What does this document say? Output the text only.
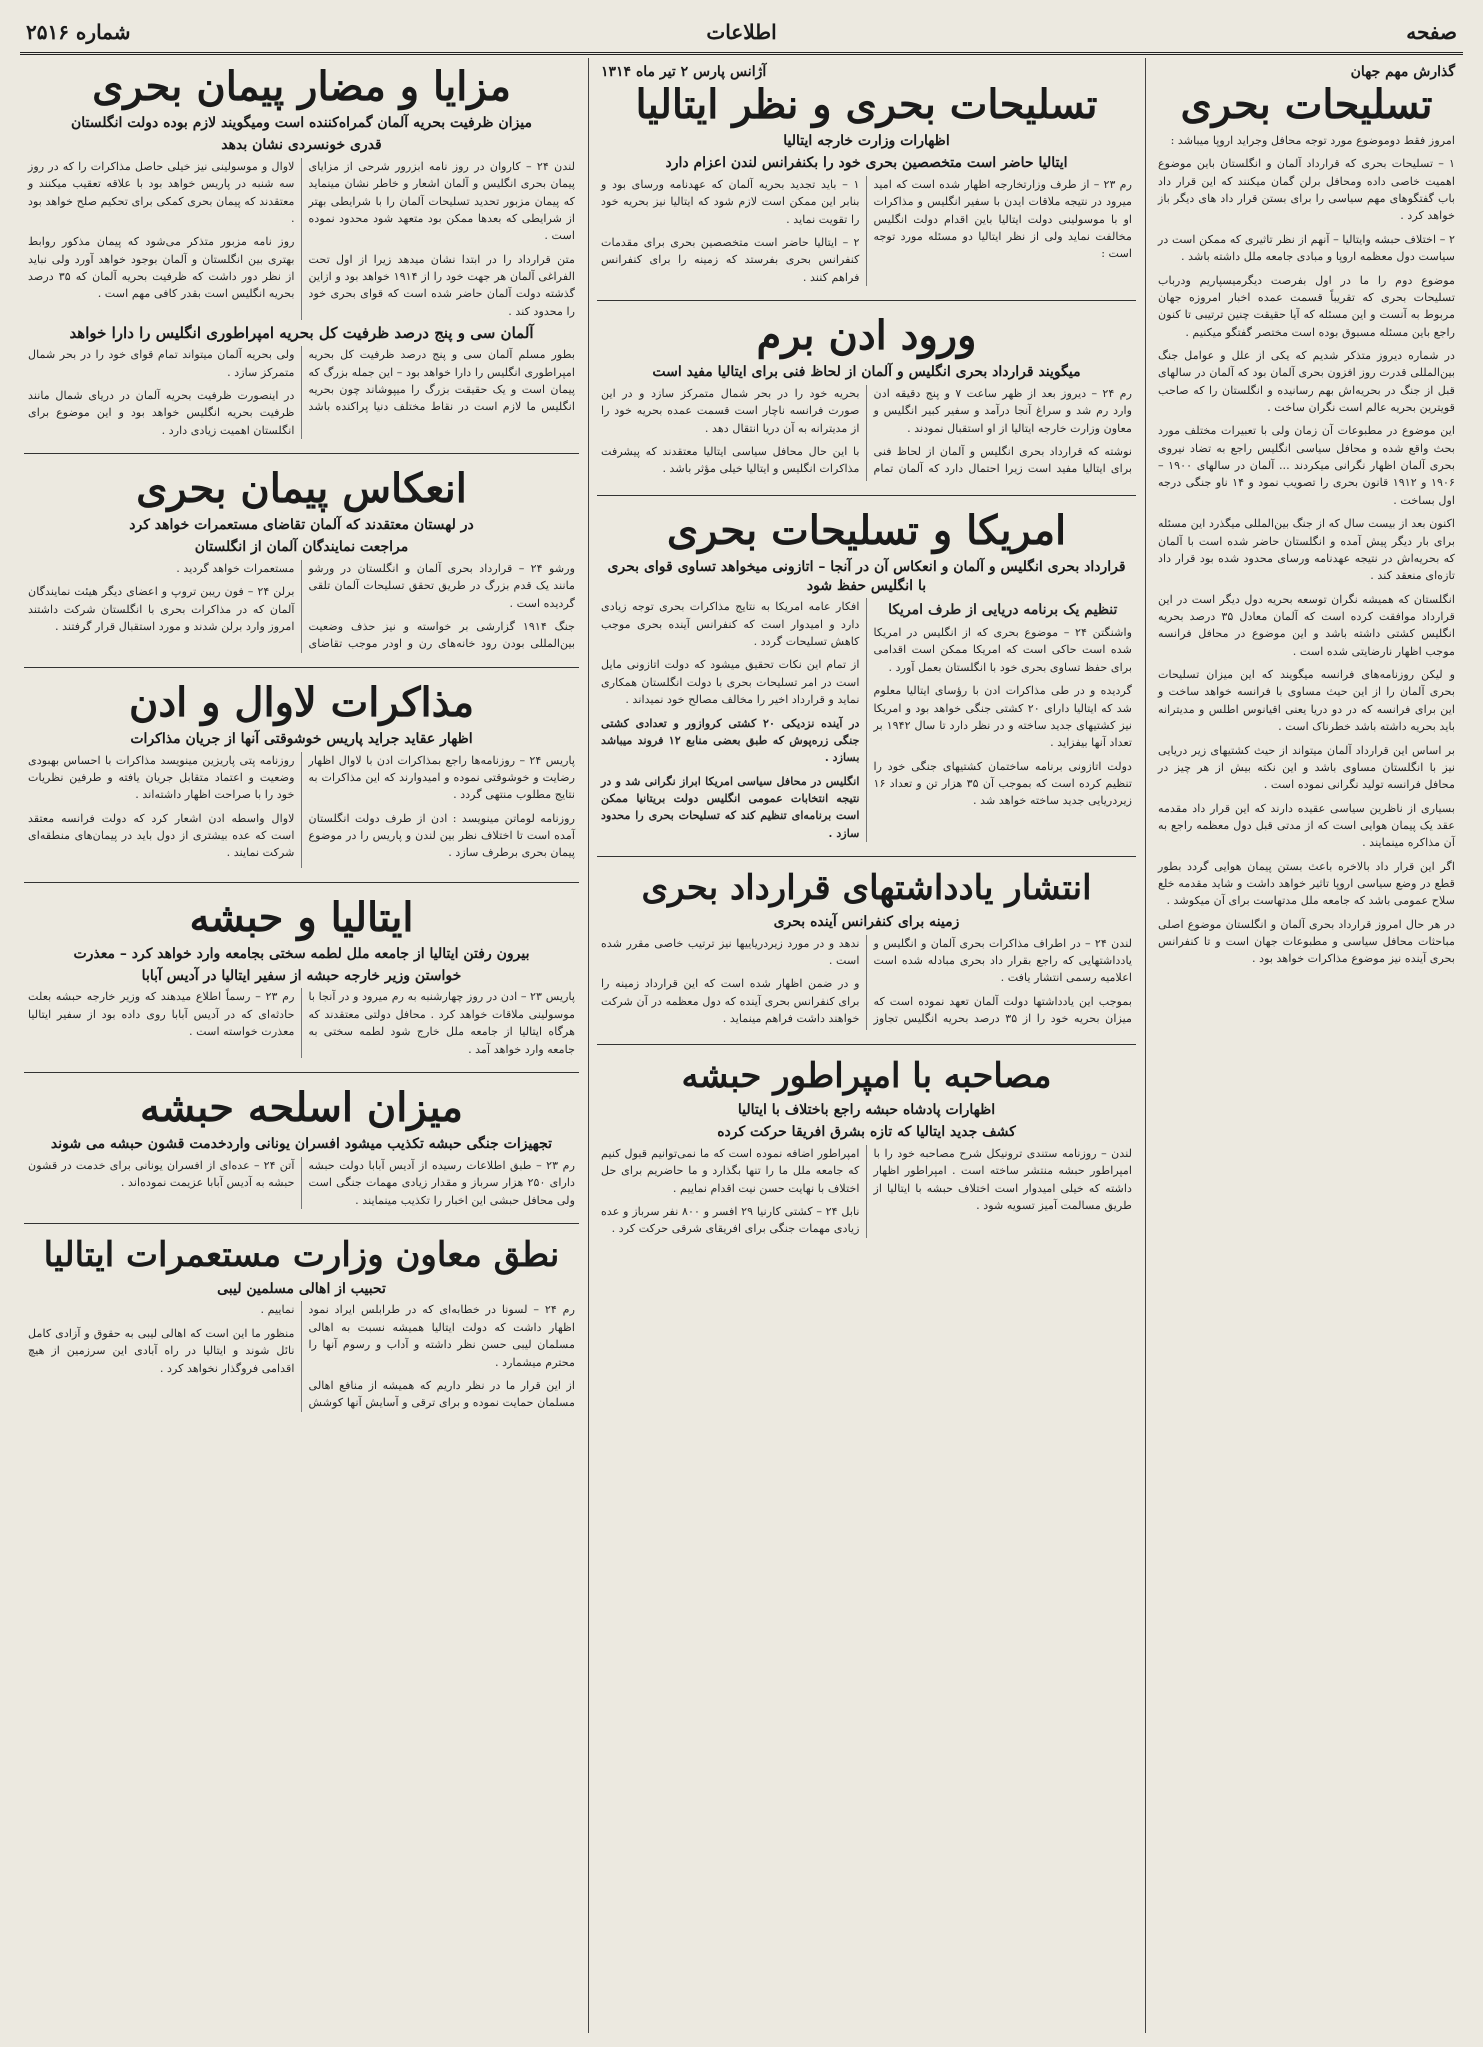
صفحه
اطلاعات
شماره ۲۵۱۶
گذارش مهم جهان
تسلیحات بحری

امروز فقط دوموضوع مورد توجه محافل وجراید اروپا میباشد :

۱ – تسلیحات بحری که قرارداد آلمان و انگلستان باین موضوع اهمیت خاصی داده ومحافل برلن گمان میکنند که این قرار داد باب گفتگوهای مهم سیاسی را برای بستن قرار داد های دیگر باز خواهد کرد .

۲ – اختلاف حبشه وایتالیا – آنهم از نظر تاثیری که ممکن است در سیاست دول معظمه اروپا و مبادی جامعه ملل داشته باشد .

موضوع دوم را ما در اول بفرصت دیگرمیسپاریم ودرباب تسلیحات بحری که تقریباً قسمت عمده اخبار امروزه جهان مربوط به آنست و این مسئله که آیا حقیقت چنین ترتیبی تا کنون راجع باین مسئله مسبوق بوده است مختصر گفتگو میکنیم .

در شماره دیروز متذکر شدیم که یکی از علل و عوامل جنگ بین‌المللی قدرت روز افزون بحری آلمان بود که آلمان در سالهای قبل از جنگ در بحریه‌اش بهم رسانیده و انگلستان را که صاحب قویترین بحریه عالم است نگران ساخت .

این موضوع در مطبوعات آن زمان ولی با تعبیرات مختلف مورد بحث واقع شده و محافل سیاسی انگلیس راجع به تضاد نیروی بحری آلمان اظهار نگرانی میکردند ... آلمان در سالهای ۱۹۰۰ – ۱۹۰۶ و ۱۹۱۲ قانون بحری را تصویب نمود و ۱۴ ناو جنگی درجه اول بساخت .

اکنون بعد از بیست سال که از جنگ بین‌المللی میگذرد این مسئله برای بار دیگر پیش آمده و انگلستان حاضر شده است با آلمان که بحریه‌اش در نتیجه عهدنامه ورسای محدود شده بود قرار داد تازه‌ای منعقد کند .

انگلستان که همیشه نگران توسعه بحریه دول دیگر است در این قرارداد موافقت کرده است که آلمان معادل ۳۵ درصد بحریه انگلیس کشتی داشته باشد و این موضوع در محافل فرانسه موجب اظهار نارضایتی شده است .

و لیکن روزنامه‌های فرانسه میگویند که این میزان تسلیحات بحری آلمان را از این حیث مساوی با فرانسه خواهد ساخت و این برای فرانسه که در دو دریا یعنی اقیانوس اطلس و مدیترانه باید بحریه داشته باشد خطرناک است .

بر اساس این قرارداد آلمان میتواند از حیث کشتیهای زیر دریایی نیز با انگلستان مساوی باشد و این نکته بیش از هر چیز در محافل فرانسه تولید نگرانی نموده است .

بسیاری از ناظرین سیاسی عقیده دارند که این قرار داد مقدمه عقد یک پیمان هوایی است که از مدتی قبل دول معظمه راجع به آن مذاکره مینمایند .

اگر این قرار داد بالاخره باعث بستن پیمان هوایی گردد بطور قطع در وضع سیاسی اروپا تاثیر خواهد داشت و شاید مقدمه خلع سلاح عمومی باشد که جامعه ملل مدتهاست برای آن میکوشد .

در هر حال امروز قرارداد بحری آلمان و انگلستان موضوع اصلی مباحثات محافل سیاسی و مطبوعات جهان است و تا کنفرانس بحری آینده نیز موضوع مذاکرات خواهد بود .

آژانس پارس ۲ تیر ماه ۱۳۱۴
تسلیحات بحری و نظر ایتالیا
اظهارات وزارت خارجه ایتالیا
ایتالیا حاضر است متخصصین بحری خود را بکنفرانس لندن اعزام دارد

رم ۲۳ – از طرف وزارتخارجه اظهار شده است که امید میرود در نتیجه ملاقات ایدن با سفیر انگلیس و مذاکرات او با موسولینی دولت ایتالیا باین اقدام دولت انگلیس مخالفت نماید ولی از نظر ایتالیا دو مسئله مورد توجه است :

۱ – باید تجدید بحریه آلمان که عهدنامه ورسای بود و بنابر این ممکن است لازم شود که ایتالیا نیز بحریه خود را تقویت نماید .

۲ – ایتالیا حاضر است متخصصین بحری برای مقدمات کنفرانس بحری بفرستد که زمینه را برای کنفرانس فراهم کنند .

ورود ادن برم
میگویند قرارداد بحری انگلیس و آلمان از لحاظ فنی برای ایتالیا مفید است

رم ۲۴ – دیروز بعد از ظهر ساعت ۷ و پنج دقیقه ادن وارد رم شد و سراغ آنجا درآمد و سفیر کبیر انگلیس و معاون وزارت خارجه ایتالیا از او استقبال نمودند .

نوشته که قرارداد بحری انگلیس و آلمان از لحاظ فنی برای ایتالیا مفید است زیرا احتمال دارد که آلمان تمام بحریه خود را در بحر شمال متمرکز سازد و در این صورت فرانسه ناچار است قسمت عمده بحریه خود را از مدیترانه به آن دریا انتقال دهد .

با این حال محافل سیاسی ایتالیا معتقدند که پیشرفت مذاکرات انگلیس و ایتالیا خیلی مؤثر باشد .

امریکا و تسلیحات بحری
قرارداد بحری انگلیس و آلمان و انعکاس آن در آنجا – اتازونی میخواهد تساوی قوای بحری با انگلیس حفظ شود
تنظیم یک برنامه دریایی از طرف امریکا

واشنگتن ۲۴ – موضوع بحری که از انگلیس در امریکا شده است حاکی است که امریکا ممکن است اقدامی برای حفظ تساوی بحری خود با انگلستان بعمل آورد .

گردیده و در طی مذاکرات ادن با رؤسای ایتالیا معلوم شد که ایتالیا دارای ۲۰ کشتی جنگی خواهد بود و امریکا نیز کشتیهای جدید ساخته و در نظر دارد تا سال ۱۹۴۲ بر تعداد آنها بیفزاید .

دولت اتازونی برنامه ساختمان کشتیهای جنگی خود را تنظیم کرده است که بموجب آن ۳۵ هزار تن و تعداد ۱۶ زیردریایی جدید ساخته خواهد شد .

افکار عامه امریکا به نتایج مذاکرات بحری توجه زیادی دارد و امیدوار است که کنفرانس آینده بحری موجب کاهش تسلیحات گردد .

از تمام این نکات تحقیق میشود که دولت اتازونی مایل است در امر تسلیحات بحری با دولت انگلستان همکاری نماید و قرارداد اخیر را مخالف مصالح خود نمیداند .

در آینده نزدیکی ۲۰ کشتی کروازور و تعدادی کشتی جنگی زره‌پوش که طبق بعضی منابع ۱۲ فروند میباشد بسازد .

انگلیس در محافل سیاسی امریکا ابراز نگرانی شد و در نتیجه انتخابات عمومی انگلیس دولت بریتانیا ممکن است برنامه‌ای تنظیم کند که تسلیحات بحری را محدود سازد .

انتشار یادداشتهای قرارداد بحری
زمینه برای کنفرانس آینده بحری

لندن ۲۴ – در اطراف مذاکرات بحری آلمان و انگلیس و یادداشتهایی که راجع بقرار داد بحری مبادله شده است اعلامیه رسمی انتشار یافت .

بموجب این یادداشتها دولت آلمان تعهد نموده است که میزان بحریه خود را از ۳۵ درصد بحریه انگلیس تجاوز ندهد و در مورد زیردریاییها نیز ترتیب خاصی مقرر شده است .

و در ضمن اظهار شده است که این قرارداد زمینه را برای کنفرانس بحری آینده که دول معظمه در آن شرکت خواهند داشت فراهم مینماید .

مصاحبه با امپراطور حبشه
اظهارات پادشاه حبشه راجع باختلاف با ایتالیا
کشف جدید ایتالیا که تازه بشرق افریقا حرکت کرده

لندن – روزنامه ستندی ترونیکل شرح مصاحبه خود را با امپراطور حبشه منتشر ساخته است . امپراطور اظهار داشته که خیلی امیدوار است اختلاف حبشه با ایتالیا از طریق مسالمت آمیز تسویه شود .

امپراطور اضافه نموده است که ما نمی‌توانیم قبول کنیم که جامعه ملل ما را تنها بگذارد و ما حاضریم برای حل اختلاف با نهایت حسن نیت اقدام نماییم .

نابل ۲۴ – کشتی کارنیا ۲۹ افسر و ۸۰۰ نفر سرباز و عده زیادی مهمات جنگی برای افریقای شرقی حرکت کرد .

مزایا و مضار پیمان بحری
میزان ظرفیت بحریه آلمان گمراه‌کننده است ومیگویند لازم بوده دولت انگلستان
قدری خونسردی نشان بدهد

لندن ۲۴ – کاروان در روز نامه ابزرور شرحی از مزایای پیمان بحری انگلیس و آلمان اشعار و خاطر نشان مینماید که پیمان مزبور تحدید تسلیحات آلمان را با شرایطی بهتر از شرایطی که بعدها ممکن بود متعهد شود محدود نموده است .

متن قرارداد را در ابتدا نشان میدهد زیرا از اول تحت الفراغی آلمان هر جهت خود را از ۱۹۱۴ خواهد بود و ازاین گذشته دولت آلمان حاضر شده است که قوای بحری خود را محدود کند .

لاوال و موسولینی نیز خیلی حاصل مذاکرات را که در روز سه شنبه در پاریس خواهد بود با علاقه تعقیب میکنند و معتقدند که پیمان بحری کمکی برای تحکیم صلح خواهد بود .

روز نامه مزبور متذکر می‌شود که پیمان مذکور روابط بهتری بین انگلستان و آلمان بوجود خواهد آورد ولی نباید از نظر دور داشت که ظرفیت بحریه آلمان که ۳۵ درصد بحریه انگلیس است بقدر کافی مهم است .

آلمان سی و پنج درصد ظرفیت کل بحریه امپراطوری انگلیس را دارا خواهد

بطور مسلم آلمان سی و پنج درصد ظرفیت کل بحریه امپراطوری انگلیس را دارا خواهد بود – این جمله بزرگ که پیمان است و یک حقیقت بزرگ را میپوشاند چون بحریه انگلیس ما لازم است در نقاط مختلف دنیا پراکنده باشد ولی بحریه آلمان میتواند تمام قوای خود را در بحر شمال متمرکز سازد .

در اینصورت ظرفیت بحریه آلمان در دریای شمال مانند ظرفیت بحریه انگلیس خواهد بود و این موضوع برای انگلستان اهمیت زیادی دارد .

انعکاس پیمان بحری
در لهستان معتقدند که آلمان تقاضای مستعمرات خواهد کرد
مراجعت نمایندگان آلمان از انگلستان

ورشو ۲۴ – قرارداد بحری آلمان و انگلستان در ورشو مانند یک قدم بزرگ در طریق تحقق تسلیحات آلمان تلقی گردیده است .

جنگ ۱۹۱۴ گزارشی بر خواسته و نیز حذف وضعیت بین‌المللی بودن رود خانه‌های رن و اودر موجب تقاضای مستعمرات خواهد گردید .

برلن ۲۴ – فون ریبن تروپ و اعضای دیگر هیئت نمایندگان آلمان که در مذاکرات بحری با انگلستان شرکت داشتند امروز وارد برلن شدند و مورد استقبال قرار گرفتند .

مذاکرات لاوال و ادن
اظهار عقاید جراید پاریس خوشوقتی آنها از جریان مذاکرات

پاریس ۲۴ – روزنامه‌ها راجع بمذاکرات ادن با لاوال اظهار رضایت و خوشوقتی نموده و امیدوارند که این مذاکرات به نتایج مطلوب منتهی گردد .

روزنامه لوماتن مینویسد : ادن از طرف دولت انگلستان آمده است تا اختلاف نظر بین لندن و پاریس را در موضوع پیمان بحری برطرف سازد .

روزنامه پتی پاریزین مینویسد مذاکرات با احساس بهبودی وضعیت و اعتماد متقابل جریان یافته و طرفین نظریات خود را با صراحت اظهار داشته‌اند .

لاوال واسطه ادن اشعار کرد که دولت فرانسه معتقد است که عده بیشتری از دول باید در پیمان‌های منطقه‌ای شرکت نمایند .

ایتالیا و حبشه
بیرون رفتن ایتالیا از جامعه ملل لطمه سختی بجامعه وارد خواهد کرد – معذرت
خواستن وزیر خارجه حبشه از سفیر ایتالیا در آدیس آبابا

پاریس ۲۳ – ادن در روز چهارشنبه به رم میرود و در آنجا با موسولینی ملاقات خواهد کرد . محافل دولتی معتقدند که هرگاه ایتالیا از جامعه ملل خارج شود لطمه سختی به جامعه وارد خواهد آمد .

رم ۲۳ – رسماً اطلاع میدهند که وزیر خارجه حبشه بعلت حادثه‌ای که در آدیس آبابا روی داده بود از سفیر ایتالیا معذرت خواسته است .

میزان اسلحه حبشه
تجهیزات جنگی حبشه تکذیب میشود افسران یونانی واردخدمت قشون حبشه می شوند

رم ۲۳ – طبق اطلاعات رسیده از آدیس آبابا دولت حبشه دارای ۲۵۰ هزار سرباز و مقدار زیادی مهمات جنگی است ولی محافل حبشی این اخبار را تکذیب مینمایند .

آتن ۲۴ – عده‌ای از افسران یونانی برای خدمت در قشون حبشه به آدیس آبابا عزیمت نموده‌اند .

نطق معاون وزارت مستعمرات ایتالیا
تحبیب از اهالی مسلمین لیبی

رم ۲۴ – لسونا در خطابه‌ای که در طرابلس ایراد نمود اظهار داشت که دولت ایتالیا همیشه نسبت به اهالی مسلمان لیبی حسن نظر داشته و آداب و رسوم آنها را محترم میشمارد .

از این قرار ما در نظر داریم که همیشه از منافع اهالی مسلمان حمایت نموده و برای ترقی و آسایش آنها کوشش نماییم .

منظور ما این است که اهالی لیبی به حقوق و آزادی کامل نائل شوند و ایتالیا در راه آبادی این سرزمین از هیچ اقدامی فروگذار نخواهد کرد .
